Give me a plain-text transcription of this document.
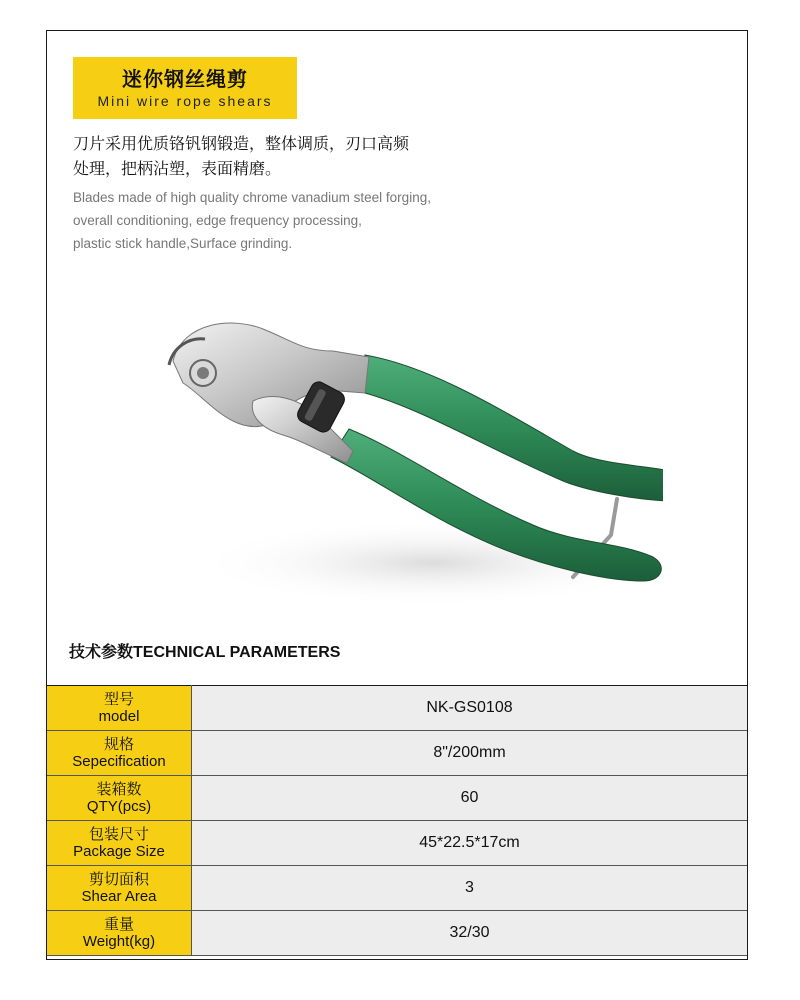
迷你钢丝绳剪
Mini wire rope shears
刀片采用优质铬钒钢锻造，整体调质，刃口高频
处理，把柄沾塑，表面精磨。
Blades made of high quality chrome vanadium steel forging,
overall conditioning, edge frequency processing,
plastic stick handle,Surface grinding.
技术参数TECHNICAL PARAMETERS
型号
model	NK-GS0108

规格
Sepecification	8"/200mm

装箱数
QTY(pcs)	60

包装尺寸
Package Size	45*22.5*17cm

剪切面积
Shear Area	3

重量
Weight(kg)	32/30
